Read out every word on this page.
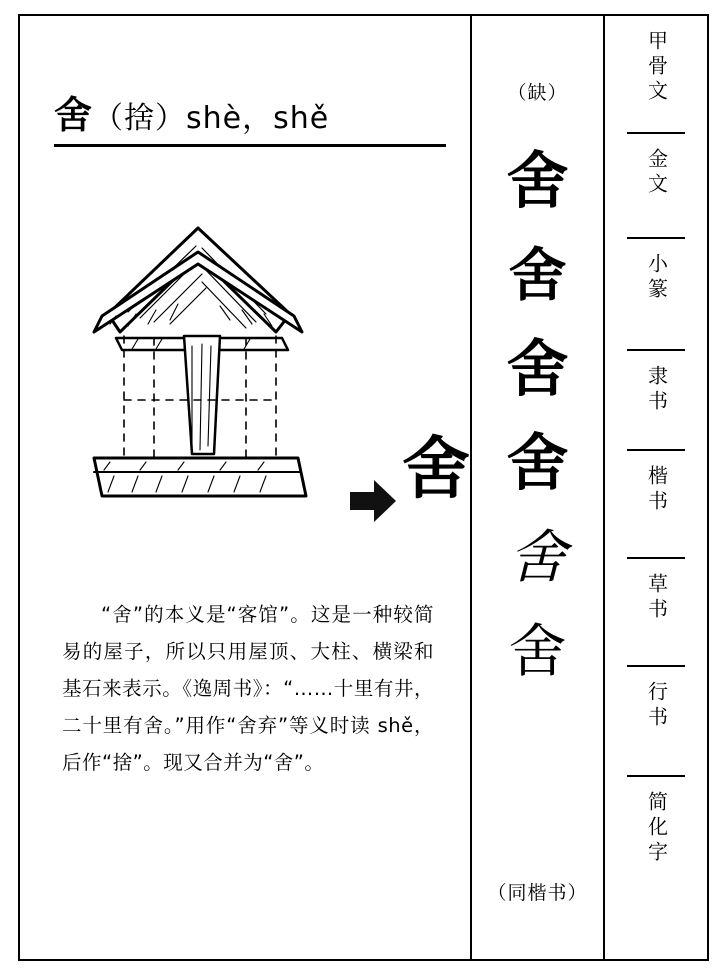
舍（捨）shè，shě
舍
“舍”的本义是“客馆”。这是一种较简易的屋子，所以只用屋顶、大柱、横梁和基石来表示。《逸周书》：“……十里有井，二十里有舍。”用作“舍弃”等义时读 shě，后作“捨”。现又合并为“舍”。
（缺）
舍
舍
舍
舍
舍
舍
（同楷书）
甲骨文
金文
小篆
隶书
楷书
草书
行书
简化字
